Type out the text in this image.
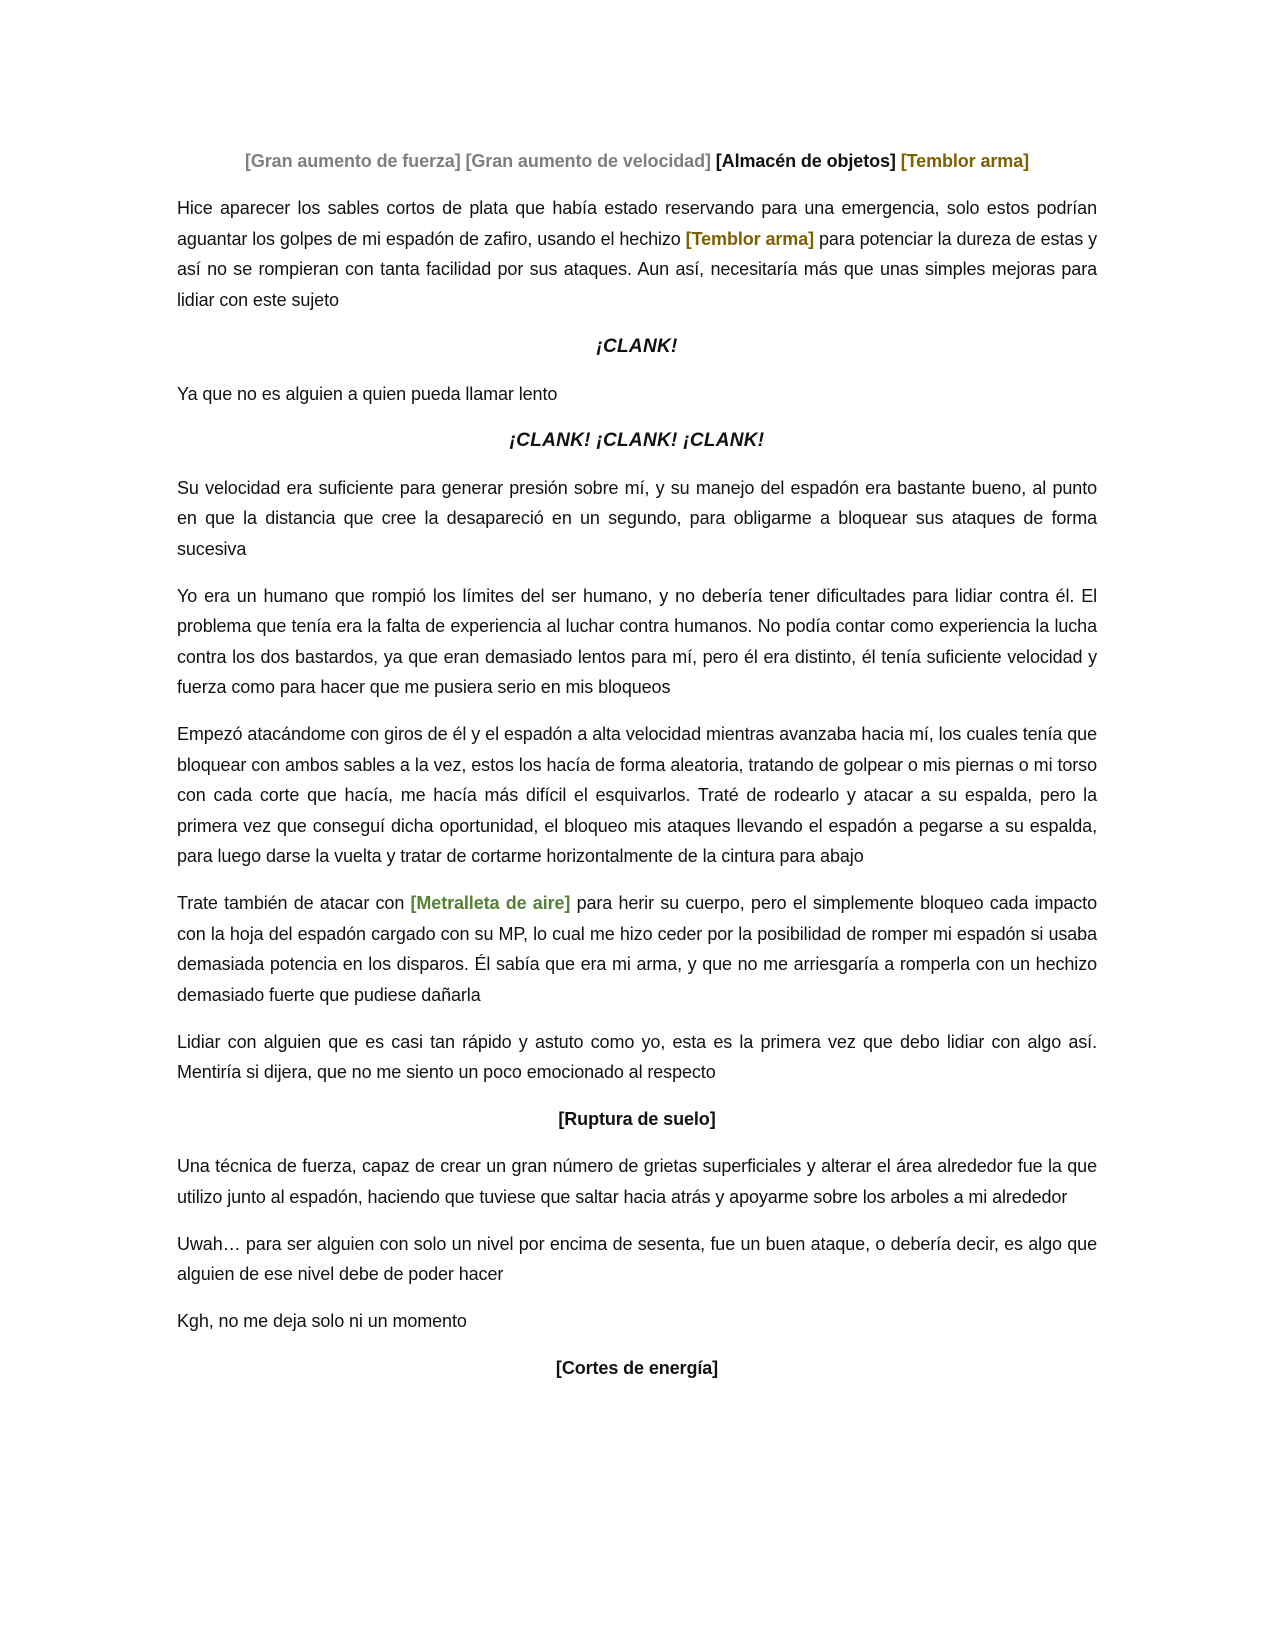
[Gran aumento de fuerza] [Gran aumento de velocidad] [Almacén de objetos] [Temblor arma]

Hice aparecer los sables cortos de plata que había estado reservando para una emergencia, solo estos podrían aguantar los golpes de mi espadón de zafiro, usando el hechizo [Temblor arma] para potenciar la dureza de estas y así no se rompieran con tanta facilidad por sus ataques. Aun así, necesitaría más que unas simples mejoras para lidiar con este sujeto

¡CLANK!

Ya que no es alguien a quien pueda llamar lento

¡CLANK! ¡CLANK! ¡CLANK!

Su velocidad era suficiente para generar presión sobre mí, y su manejo del espadón era bastante bueno, al punto en que la distancia que cree la desapareció en un segundo, para obligarme a bloquear sus ataques de forma sucesiva

Yo era un humano que rompió los límites del ser humano, y no debería tener dificultades para lidiar contra él. El problema que tenía era la falta de experiencia al luchar contra humanos. No podía contar como experiencia la lucha contra los dos bastardos, ya que eran demasiado lentos para mí, pero él era distinto, él tenía suficiente velocidad y fuerza como para hacer que me pusiera serio en mis bloqueos

Empezó atacándome con giros de él y el espadón a alta velocidad mientras avanzaba hacia mí, los cuales tenía que bloquear con ambos sables a la vez, estos los hacía de forma aleatoria, tratando de golpear o mis piernas o mi torso con cada corte que hacía, me hacía más difícil el esquivarlos. Traté de rodearlo y atacar a su espalda, pero la primera vez que conseguí dicha oportunidad, el bloqueo mis ataques llevando el espadón a pegarse a su espalda, para luego darse la vuelta y tratar de cortarme horizontalmente de la cintura para abajo

Trate también de atacar con [Metralleta de aire] para herir su cuerpo, pero el simplemente bloqueo cada impacto con la hoja del espadón cargado con su MP, lo cual me hizo ceder por la posibilidad de romper mi espadón si usaba demasiada potencia en los disparos. Él sabía que era mi arma, y que no me arriesgaría a romperla con un hechizo demasiado fuerte que pudiese dañarla

Lidiar con alguien que es casi tan rápido y astuto como yo, esta es la primera vez que debo lidiar con algo así. Mentiría si dijera, que no me siento un poco emocionado al respecto

[Ruptura de suelo]

Una técnica de fuerza, capaz de crear un gran número de grietas superficiales y alterar el área alrededor fue la que utilizo junto al espadón, haciendo que tuviese que saltar hacia atrás y apoyarme sobre los arboles a mi alrededor

Uwah… para ser alguien con solo un nivel por encima de sesenta, fue un buen ataque, o debería decir, es algo que alguien de ese nivel debe de poder hacer

Kgh, no me deja solo ni un momento

[Cortes de energía]
